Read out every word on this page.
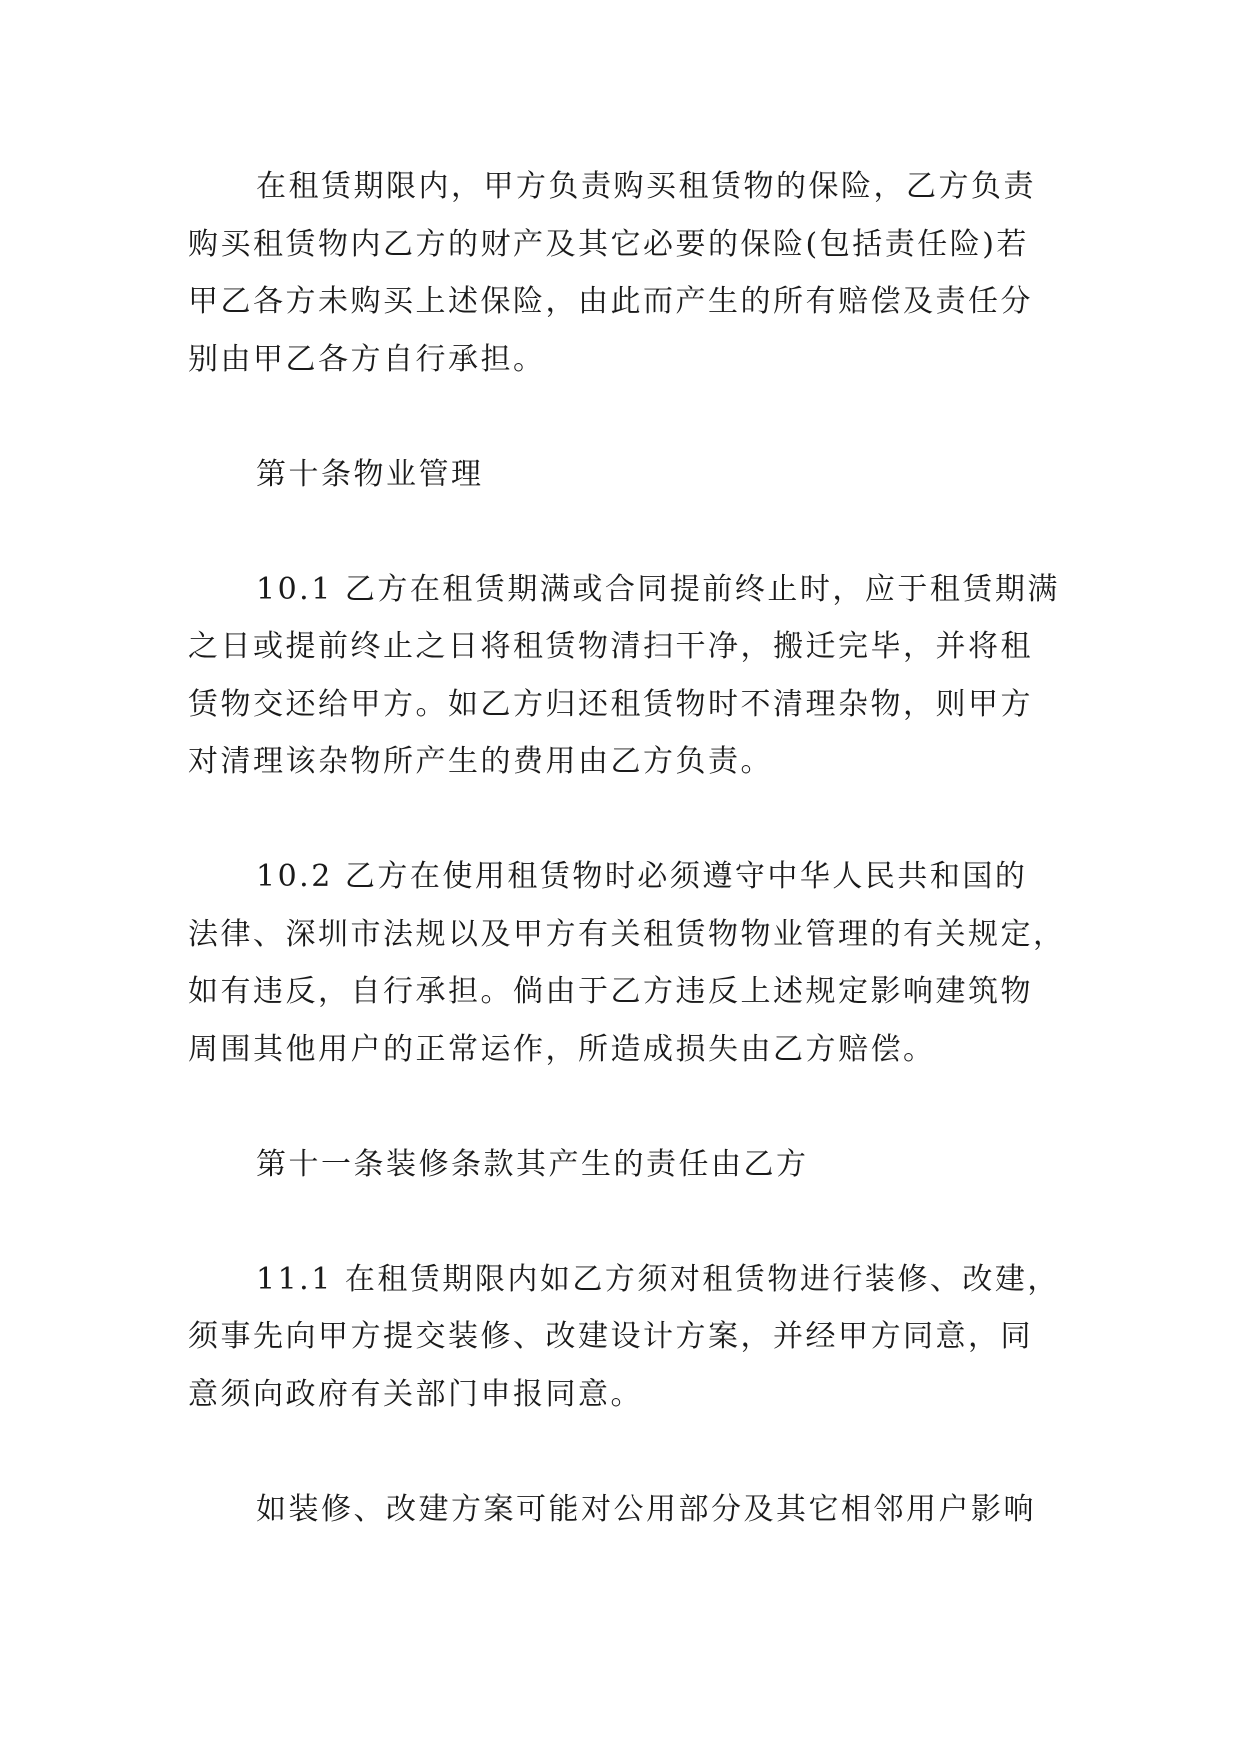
在租赁期限内，甲方负责购买租赁物的保险，乙方负责
购买租赁物内乙方的财产及其它必要的保险(包括责任险)若
甲乙各方未购买上述保险，由此而产生的所有赔偿及责任分
别由甲乙各方自行承担。
第十条物业管理
10.1 乙方在租赁期满或合同提前终止时，应于租赁期满
之日或提前终止之日将租赁物清扫干净，搬迁完毕，并将租
赁物交还给甲方。如乙方归还租赁物时不清理杂物，则甲方
对清理该杂物所产生的费用由乙方负责。
10.2 乙方在使用租赁物时必须遵守中华人民共和国的
法律、深圳市法规以及甲方有关租赁物物业管理的有关规定，
如有违反，自行承担。倘由于乙方违反上述规定影响建筑物
周围其他用户的正常运作，所造成损失由乙方赔偿。
第十一条装修条款其产生的责任由乙方
11.1 在租赁期限内如乙方须对租赁物进行装修、改建，
须事先向甲方提交装修、改建设计方案，并经甲方同意，同
意须向政府有关部门申报同意。
如装修、改建方案可能对公用部分及其它相邻用户影响
